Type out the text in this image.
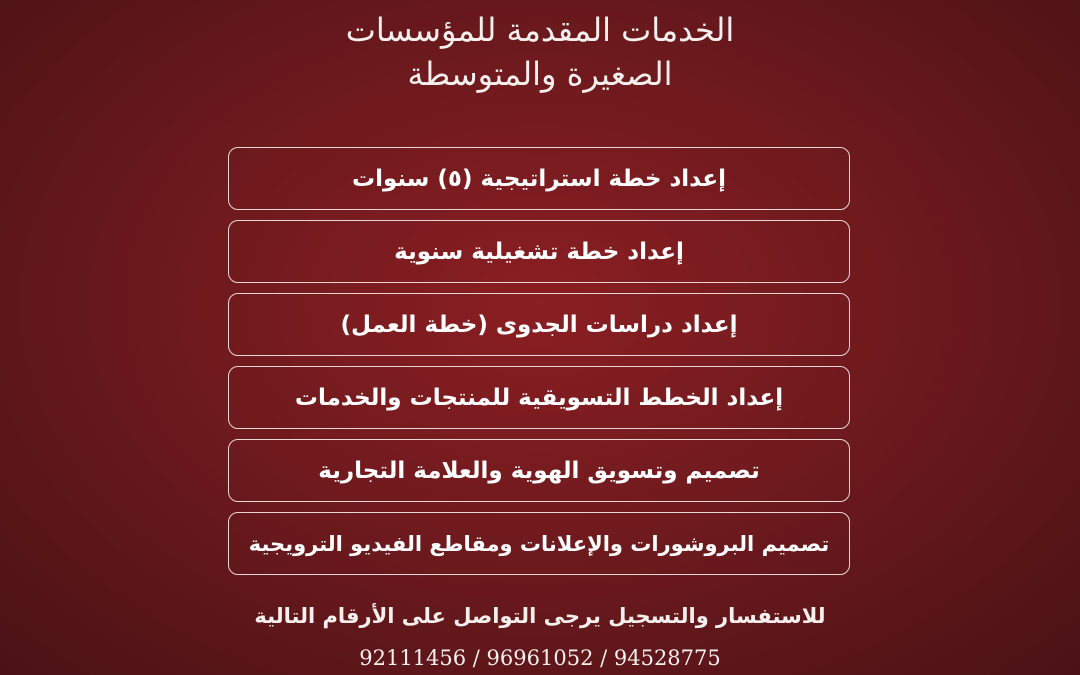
الخدمات المقدمة للمؤسسات
الصغيرة والمتوسطة
إعداد خطة استراتيجية (٥) سنوات
إعداد خطة تشغيلية سنوية
إعداد دراسات الجدوى (خطة العمل)
إعداد الخطط التسويقية للمنتجات والخدمات
تصميم وتسويق الهوية والعلامة التجارية
تصميم البروشورات والإعلانات ومقاطع الفيديو الترويجية
للاستفسار والتسجيل يرجى التواصل على الأرقام التالية
92111456 / 96961052 / 94528775
